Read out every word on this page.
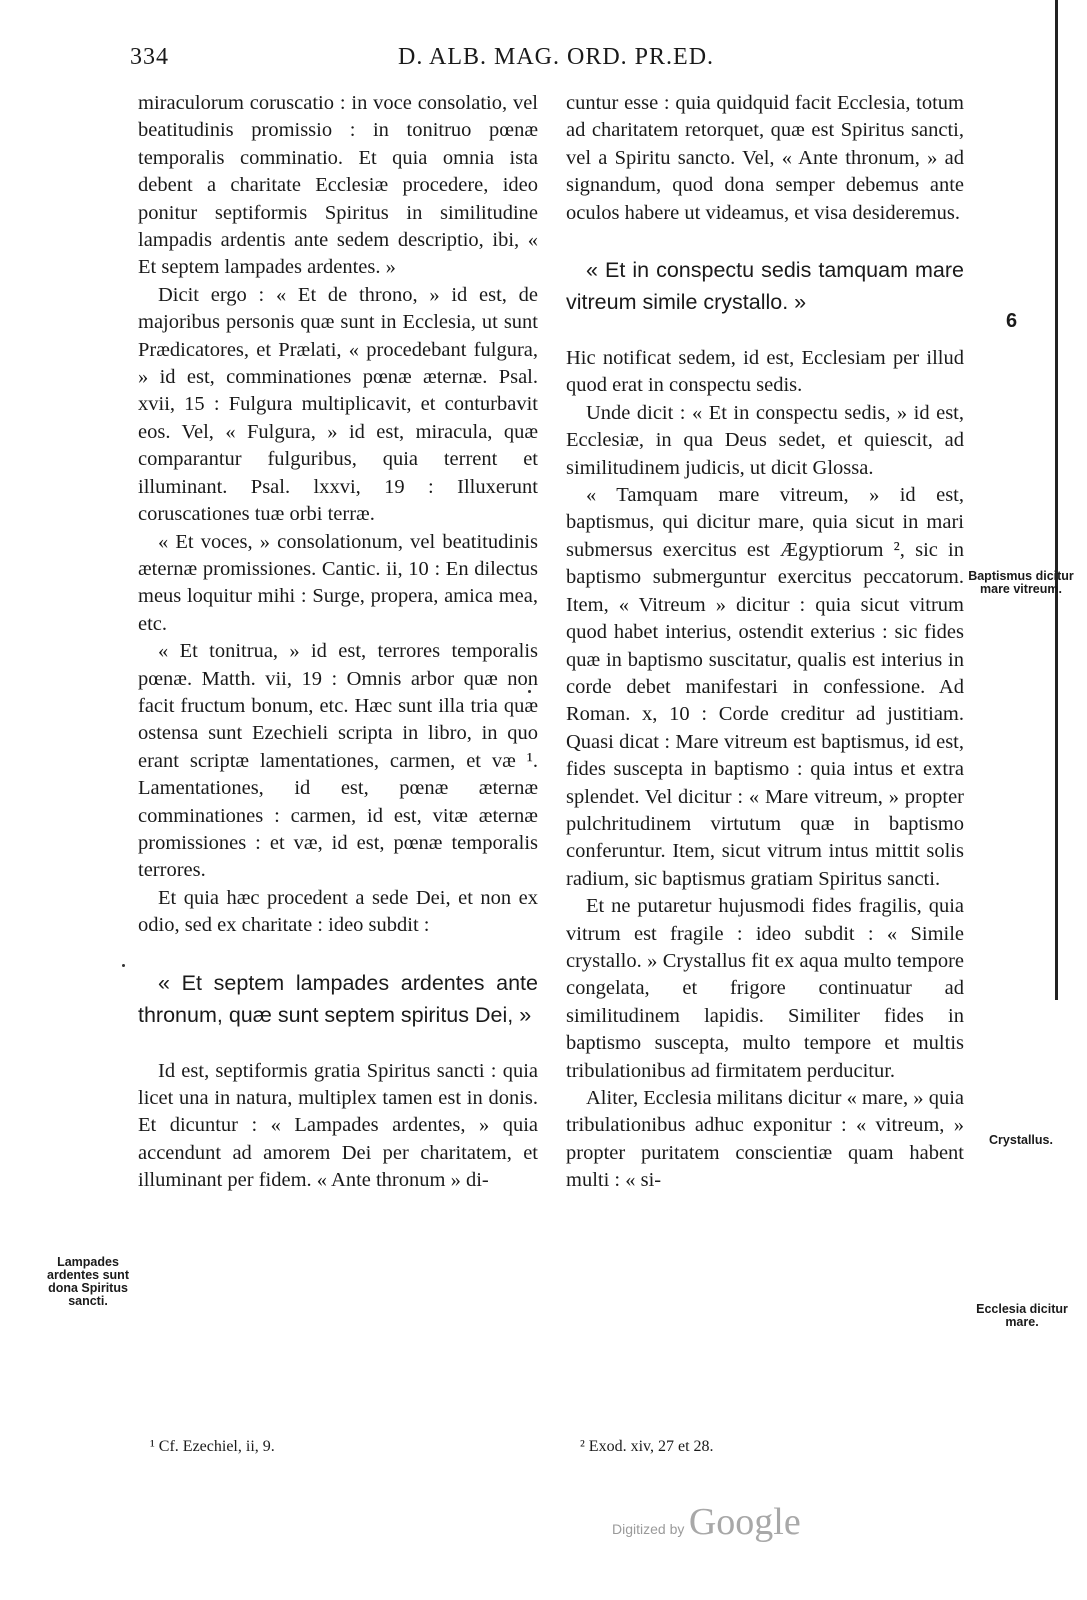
334	D. ALB. MAG. ORD. PR.ED.

miraculorum coruscatio : in voce consolatio, vel beatitudinis promissio : in tonitruo pœnæ temporalis comminatio. Et quia omnia ista debent a charitate Ecclesiæ procedere, ideo ponitur septiformis Spiritus in similitudine lampadis ardentis ante sedem descriptio, ibi, « Et septem lampades ardentes. »

Dicit ergo : « Et de throno, » id est, de majoribus personis quæ sunt in Ecclesia, ut sunt Prædicatores, et Prælati, « procedebant fulgura, » id est, comminationes pœnæ æternæ. Psal. xvii, 15 : Fulgura multiplicavit, et conturbavit eos. Vel, « Fulgura, » id est, miracula, quæ comparantur fulguribus, quia terrent et illuminant. Psal. lxxvi, 19 : Illuxerunt coruscationes tuæ orbi terræ.

« Et voces, » consolationum, vel beatitudinis æternæ promissiones. Cantic. ii, 10 : En dilectus meus loquitur mihi : Surge, propera, amica mea, etc.

« Et tonitrua, » id est, terrores temporalis pœnæ. Matth. vii, 19 : Omnis arbor quæ non facit fructum bonum, etc. Hæc sunt illa tria quæ ostensa sunt Ezechieli scripta in libro, in quo erant scriptæ lamentationes, carmen, et væ ¹. Lamentationes, id est, pœnæ æternæ comminationes : carmen, id est, vitæ æternæ promissiones : et væ, id est, pœnæ temporalis terrores.

Et quia hæc procedent a sede Dei, et non ex odio, sed ex charitate : ideo subdit :

« Et septem lampades ardentes ante thronum, quæ sunt septem spiritus Dei, »

Id est, septiformis gratia Spiritus sancti : quia licet una in natura, multiplex tamen est in donis. Et dicuntur : « Lampades ardentes, » quia accendunt ad amorem Dei per charitatem, et illuminant per fidem. « Ante thronum » di-

cuntur esse : quia quidquid facit Ecclesia, totum ad charitatem retorquet, quæ est Spiritus sancti, vel a Spiritu sancto. Vel, « Ante thronum, » ad signandum, quod dona semper debemus ante oculos habere ut videamus, et visa desideremus.

« Et in conspectu sedis tamquam mare vitreum simile crystallo. »

Hic notificat sedem, id est, Ecclesiam per illud quod erat in conspectu sedis.

Unde dicit : « Et in conspectu sedis, » id est, Ecclesiæ, in qua Deus sedet, et quiescit, ad similitudinem judicis, ut dicit Glossa.

« Tamquam mare vitreum, » id est, baptismus, qui dicitur mare, quia sicut in mari submersus exercitus est Ægyptiorum ², sic in baptismo submerguntur exercitus peccatorum. Item, « Vitreum » dicitur : quia sicut vitrum quod habet interius, ostendit exterius : sic fides quæ in baptismo suscitatur, qualis est interius in corde debet manifestari in confessione. Ad Roman. x, 10 : Corde creditur ad justitiam. Quasi dicat : Mare vitreum est baptismus, id est, fides suscepta in baptismo : quia intus et extra splendet. Vel dicitur : « Mare vitreum, » propter pulchritudinem virtutum quæ in baptismo conferuntur. Item, sicut vitrum intus mittit solis radium, sic baptismus gratiam Spiritus sancti.

Et ne putaretur hujusmodi fides fragilis, quia vitrum est fragile : ideo subdit : « Simile crystallo. » Crystallus fit ex aqua multo tempore congelata, et frigore continuatur ad similitudinem lapidis. Similiter fides in baptismo suscepta, multo tempore et multis tribulationibus ad firmitatem perducitur.

Aliter, Ecclesia militans dicitur « mare, » quia tribulationibus adhuc exponitur : « vitreum, » propter puritatem conscientiæ quam habent multi : « si-

Lampades ardentes sunt dona Spiritus sancti.
Baptismus dicitur mare vitreum.
Crystallus.
Ecclesia dicitur mare.
6
¹ Cf. Ezechiel, ii, 9.	² Exod. xiv, 27 et 28.
Digitized by Google
